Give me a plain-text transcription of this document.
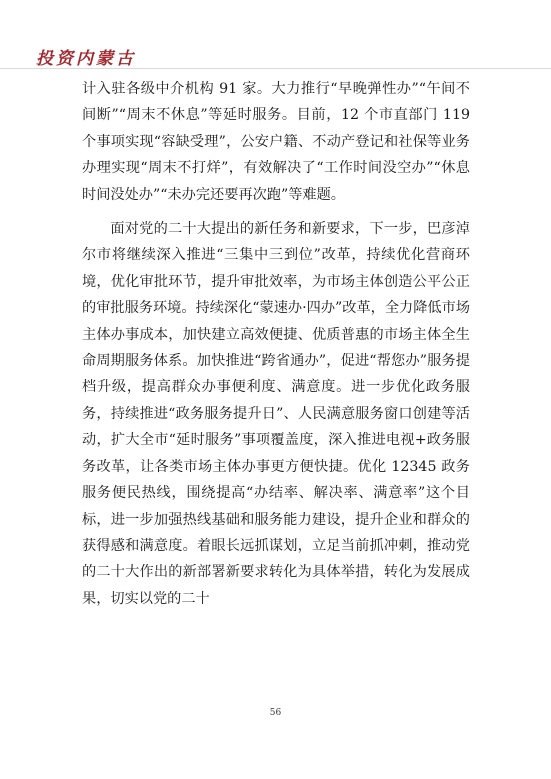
投资内蒙古

计入驻各级中介机构 91 家。大力推行“早晚弹性办”“午间不间断”“周末不休息”等延时服务。目前，12 个市直部门 119 个事项实现“容缺受理”，公安户籍、不动产登记和社保等业务办理实现“周末不打烊”，有效解决了“工作时间没空办”“休息时间没处办”“未办完还要再次跑”等难题。

面对党的二十大提出的新任务和新要求，下一步，巴彦淖尔市将继续深入推进“三集中三到位”改革，持续优化营商环境，优化审批环节，提升审批效率，为市场主体创造公平公正的审批服务环境。持续深化“蒙速办·四办”改革，全力降低市场主体办事成本，加快建立高效便捷、优质普惠的市场主体全生命周期服务体系。加快推进“跨省通办”，促进“帮您办”服务提档升级，提高群众办事便利度、满意度。进一步优化政务服务，持续推进“政务服务提升日”、人民满意服务窗口创建等活动，扩大全市“延时服务”事项覆盖度，深入推进电视+政务服务改革，让各类市场主体办事更方便快捷。优化 12345 政务服务便民热线，围绕提高“办结率、解决率、满意率”这个目标，进一步加强热线基础和服务能力建设，提升企业和群众的获得感和满意度。着眼长远抓谋划，立足当前抓冲刺，推动党的二十大作出的新部署新要求转化为具体举措，转化为发展成果，切实以党的二十

56
